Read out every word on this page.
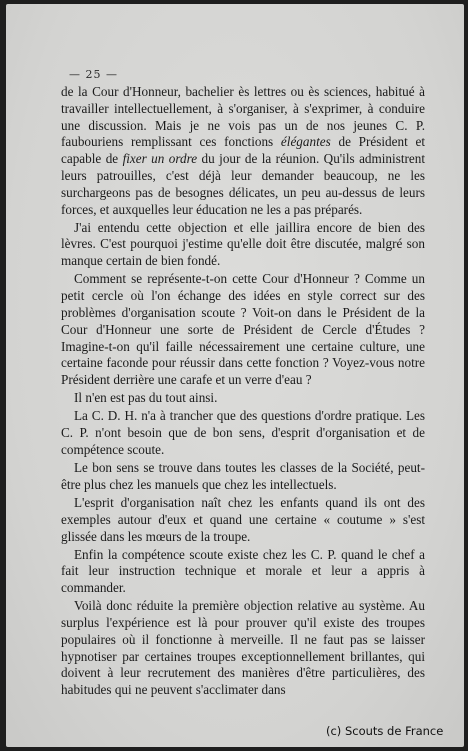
— 25 —

de la Cour d'Honneur, bachelier ès lettres ou ès sciences, habitué à travailler intellectuellement, à s'organiser, à s'exprimer, à conduire une discussion. Mais je ne vois pas un de nos jeunes C. P. faubouriens remplissant ces fonctions élégantes de Président et capable de fixer un ordre du jour de la réunion. Qu'ils administrent leurs patrouilles, c'est déjà leur demander beaucoup, ne les surchargeons pas de besognes délicates, un peu au-dessus de leurs forces, et auxquelles leur éducation ne les a pas préparés.

J'ai entendu cette objection et elle jaillira encore de bien des lèvres. C'est pourquoi j'estime qu'elle doit être discutée, malgré son manque certain de bien fondé.

Comment se représente-t-on cette Cour d'Honneur ? Comme un petit cercle où l'on échange des idées en style correct sur des problèmes d'organisation scoute ? Voit-on dans le Président de la Cour d'Honneur une sorte de Président de Cercle d'Études ? Imagine-t-on qu'il faille nécessairement une certaine culture, une certaine faconde pour réussir dans cette fonction ? Voyez-vous notre Président derrière une carafe et un verre d'eau ?

Il n'en est pas du tout ainsi.

La C. D. H. n'a à trancher que des questions d'ordre pratique. Les C. P. n'ont besoin que de bon sens, d'esprit d'organisation et de compétence scoute.

Le bon sens se trouve dans toutes les classes de la Société, peut-être plus chez les manuels que chez les intellectuels.

L'esprit d'organisation naît chez les enfants quand ils ont des exemples autour d'eux et quand une certaine « coutume » s'est glissée dans les mœurs de la troupe.

Enfin la compétence scoute existe chez les C. P. quand le chef a fait leur instruction technique et morale et leur a appris à commander.

Voilà donc réduite la première objection relative au système. Au surplus l'expérience est là pour prouver qu'il existe des troupes populaires où il fonctionne à merveille. Il ne faut pas se laisser hypnotiser par certaines troupes exceptionnellement brillantes, qui doivent à leur recrutement des manières d'être particulières, des habitudes qui ne peuvent s'acclimater dans

(c) Scouts de France
